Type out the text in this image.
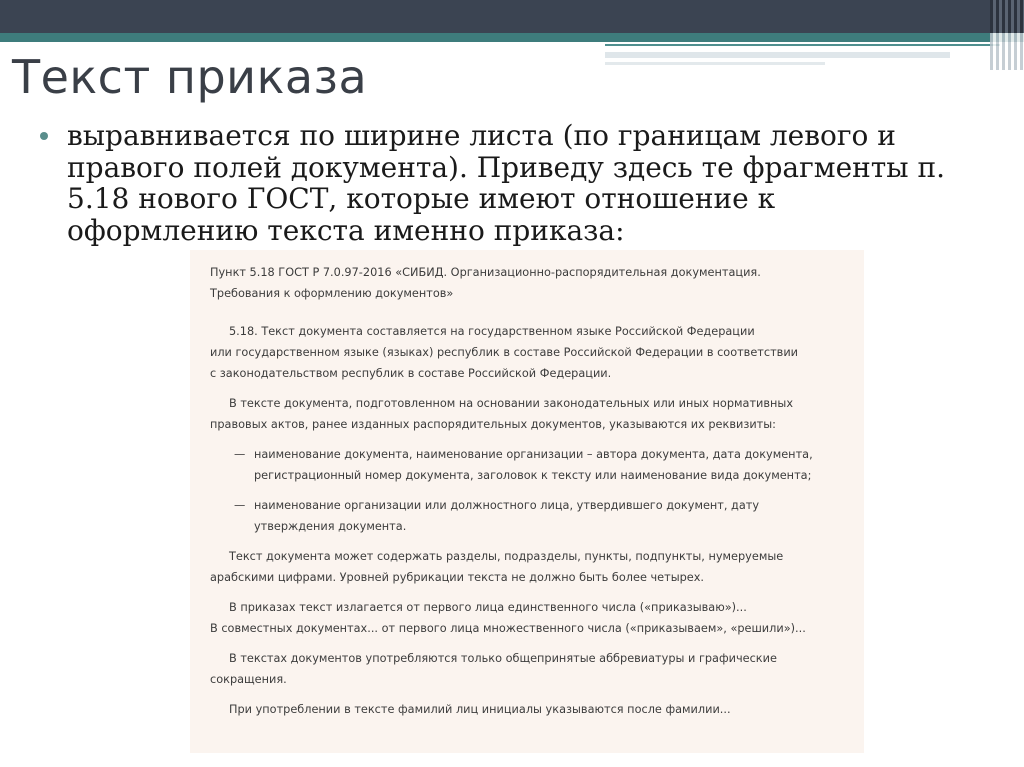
Текст приказа
выравнивается по ширине листа (по границам левого и правого полей документа). Приведу здесь те фрагменты п. 5.18 нового ГОСТ, которые имеют отношение к оформлению текста именно приказа:

Пункт 5.18 ГОСТ Р 7.0.97-2016 «СИБИД. Организационно-распорядительная документация.

Требования к оформлению документов»

5.18. Текст документа составляется на государственном языке Российской Федерации

или государственном языке (языках) республик в составе Российской Федерации в соответствии

с законодательством республик в составе Российской Федерации.

В тексте документа, подготовленном на основании законодательных или иных нормативных

правовых актов, ранее изданных распорядительных документов, указываются их реквизиты:

— наименование документа, наименование организации – автора документа, дата документа,

регистрационный номер документа, заголовок к тексту или наименование вида документа;

— наименование организации или должностного лица, утвердившего документ, дату

утверждения документа.

Текст документа может содержать разделы, подразделы, пункты, подпункты, нумеруемые

арабскими цифрами. Уровней рубрикации текста не должно быть более четырех.

В приказах текст излагается от первого лица единственного числа («приказываю»)...

В совместных документах... от первого лица множественного числа («приказываем», «решили»)...

В текстах документов употребляются только общепринятые аббревиатуры и графические

сокращения.

При употреблении в тексте фамилий лиц инициалы указываются после фамилии...
